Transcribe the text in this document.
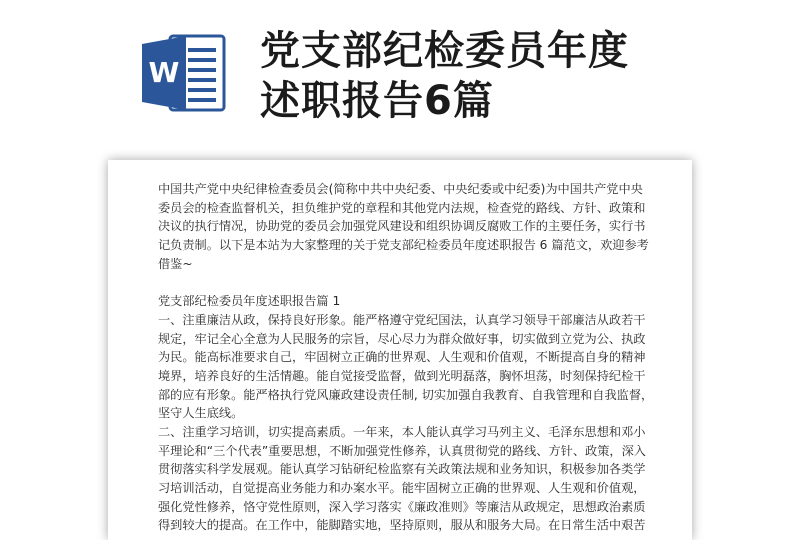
W 党支部纪检委员年度
述职报告6篇
中国共产党中央纪律检查委员会(简称中共中央纪委、中央纪委或中纪委)为中国共产党中央
委员会的检查监督机关，担负维护党的章程和其他党内法规，检查党的路线、方针、政策和
决议的执行情况，协助党的委员会加强党风建设和组织协调反腐败工作的主要任务，实行书
记负责制。以下是本站为大家整理的关于党支部纪检委员年度述职报告 6 篇范文，欢迎参考
借鉴~
党支部纪检委员年度述职报告篇 1
一、注重廉洁从政，保持良好形象。能严格遵守党纪国法，认真学习领导干部廉洁从政若干
规定，牢记全心全意为人民服务的宗旨，尽心尽力为群众做好事，切实做到立党为公、执政
为民。能高标准要求自己，牢固树立正确的世界观、人生观和价值观，不断提高自身的精神
境界，培养良好的生活情趣。能自觉接受监督，做到光明磊落，胸怀坦荡，时刻保持纪检干
部的应有形象。能严格执行党风廉政建设责任制, 切实加强自我教育、自我管理和自我监督，
坚守人生底线。
二、注重学习培训，切实提高素质。一年来，本人能认真学习马列主义、毛泽东思想和邓小
平理论和“三个代表”重要思想，不断加强党性修养，认真贯彻党的路线、方针、政策，深入
贯彻落实科学发展观。能认真学习钻研纪检监察有关政策法规和业务知识，积极参加各类学
习培训活动，自觉提高业务能力和办案水平。能牢固树立正确的世界观、人生观和价值观，
强化党性修养，恪守党性原则，深入学习落实《廉政准则》等廉洁从政规定，思想政治素质
得到较大的提高。在工作中，能脚踏实地，坚持原则，服从和服务大局。在日常生活中艰苦
